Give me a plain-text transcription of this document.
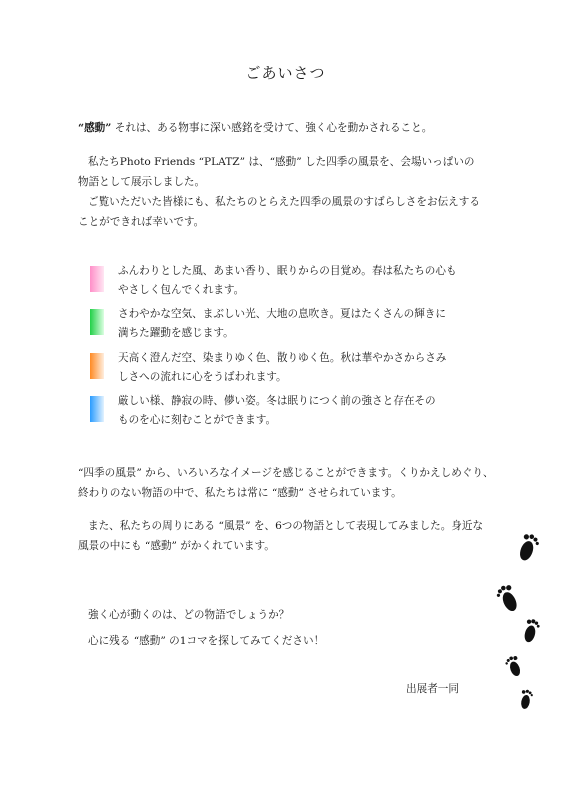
ごあいさつ
“感動” それは、ある物事に深い感銘を受けて、強く心を動かされること。
私たちPhoto Friends “PLATZ” は、“感動” した四季の風景を、会場いっぱいの
物語として展示しました。
ご覧いただいた皆様にも、私たちのとらえた四季の風景のすばらしさをお伝えする
ことができれば幸いです。
ふんわりとした風、あまい香り、眠りからの目覚め。春は私たちの心も
やさしく包んでくれます。
さわやかな空気、まぶしい光、大地の息吹き。夏はたくさんの輝きに
満ちた躍動を感じます。
天高く澄んだ空、染まりゆく色、散りゆく色。秋は華やかさからさみ
しさへの流れに心をうばわれます。
厳しい様、静寂の時、儚い姿。冬は眠りにつく前の強さと存在その
ものを心に刻むことができます。
“四季の風景” から、いろいろなイメージを感じることができます。くりかえしめぐり、
終わりのない物語の中で、私たちは常に “感動” させられています。
また、私たちの周りにある “風景” を、6つの物語として表現してみました。身近な
風景の中にも “感動” がかくれています。
強く心が動くのは、どの物語でしょうか？
心に残る “感動” の1コマを探してみてください！
出展者一同
